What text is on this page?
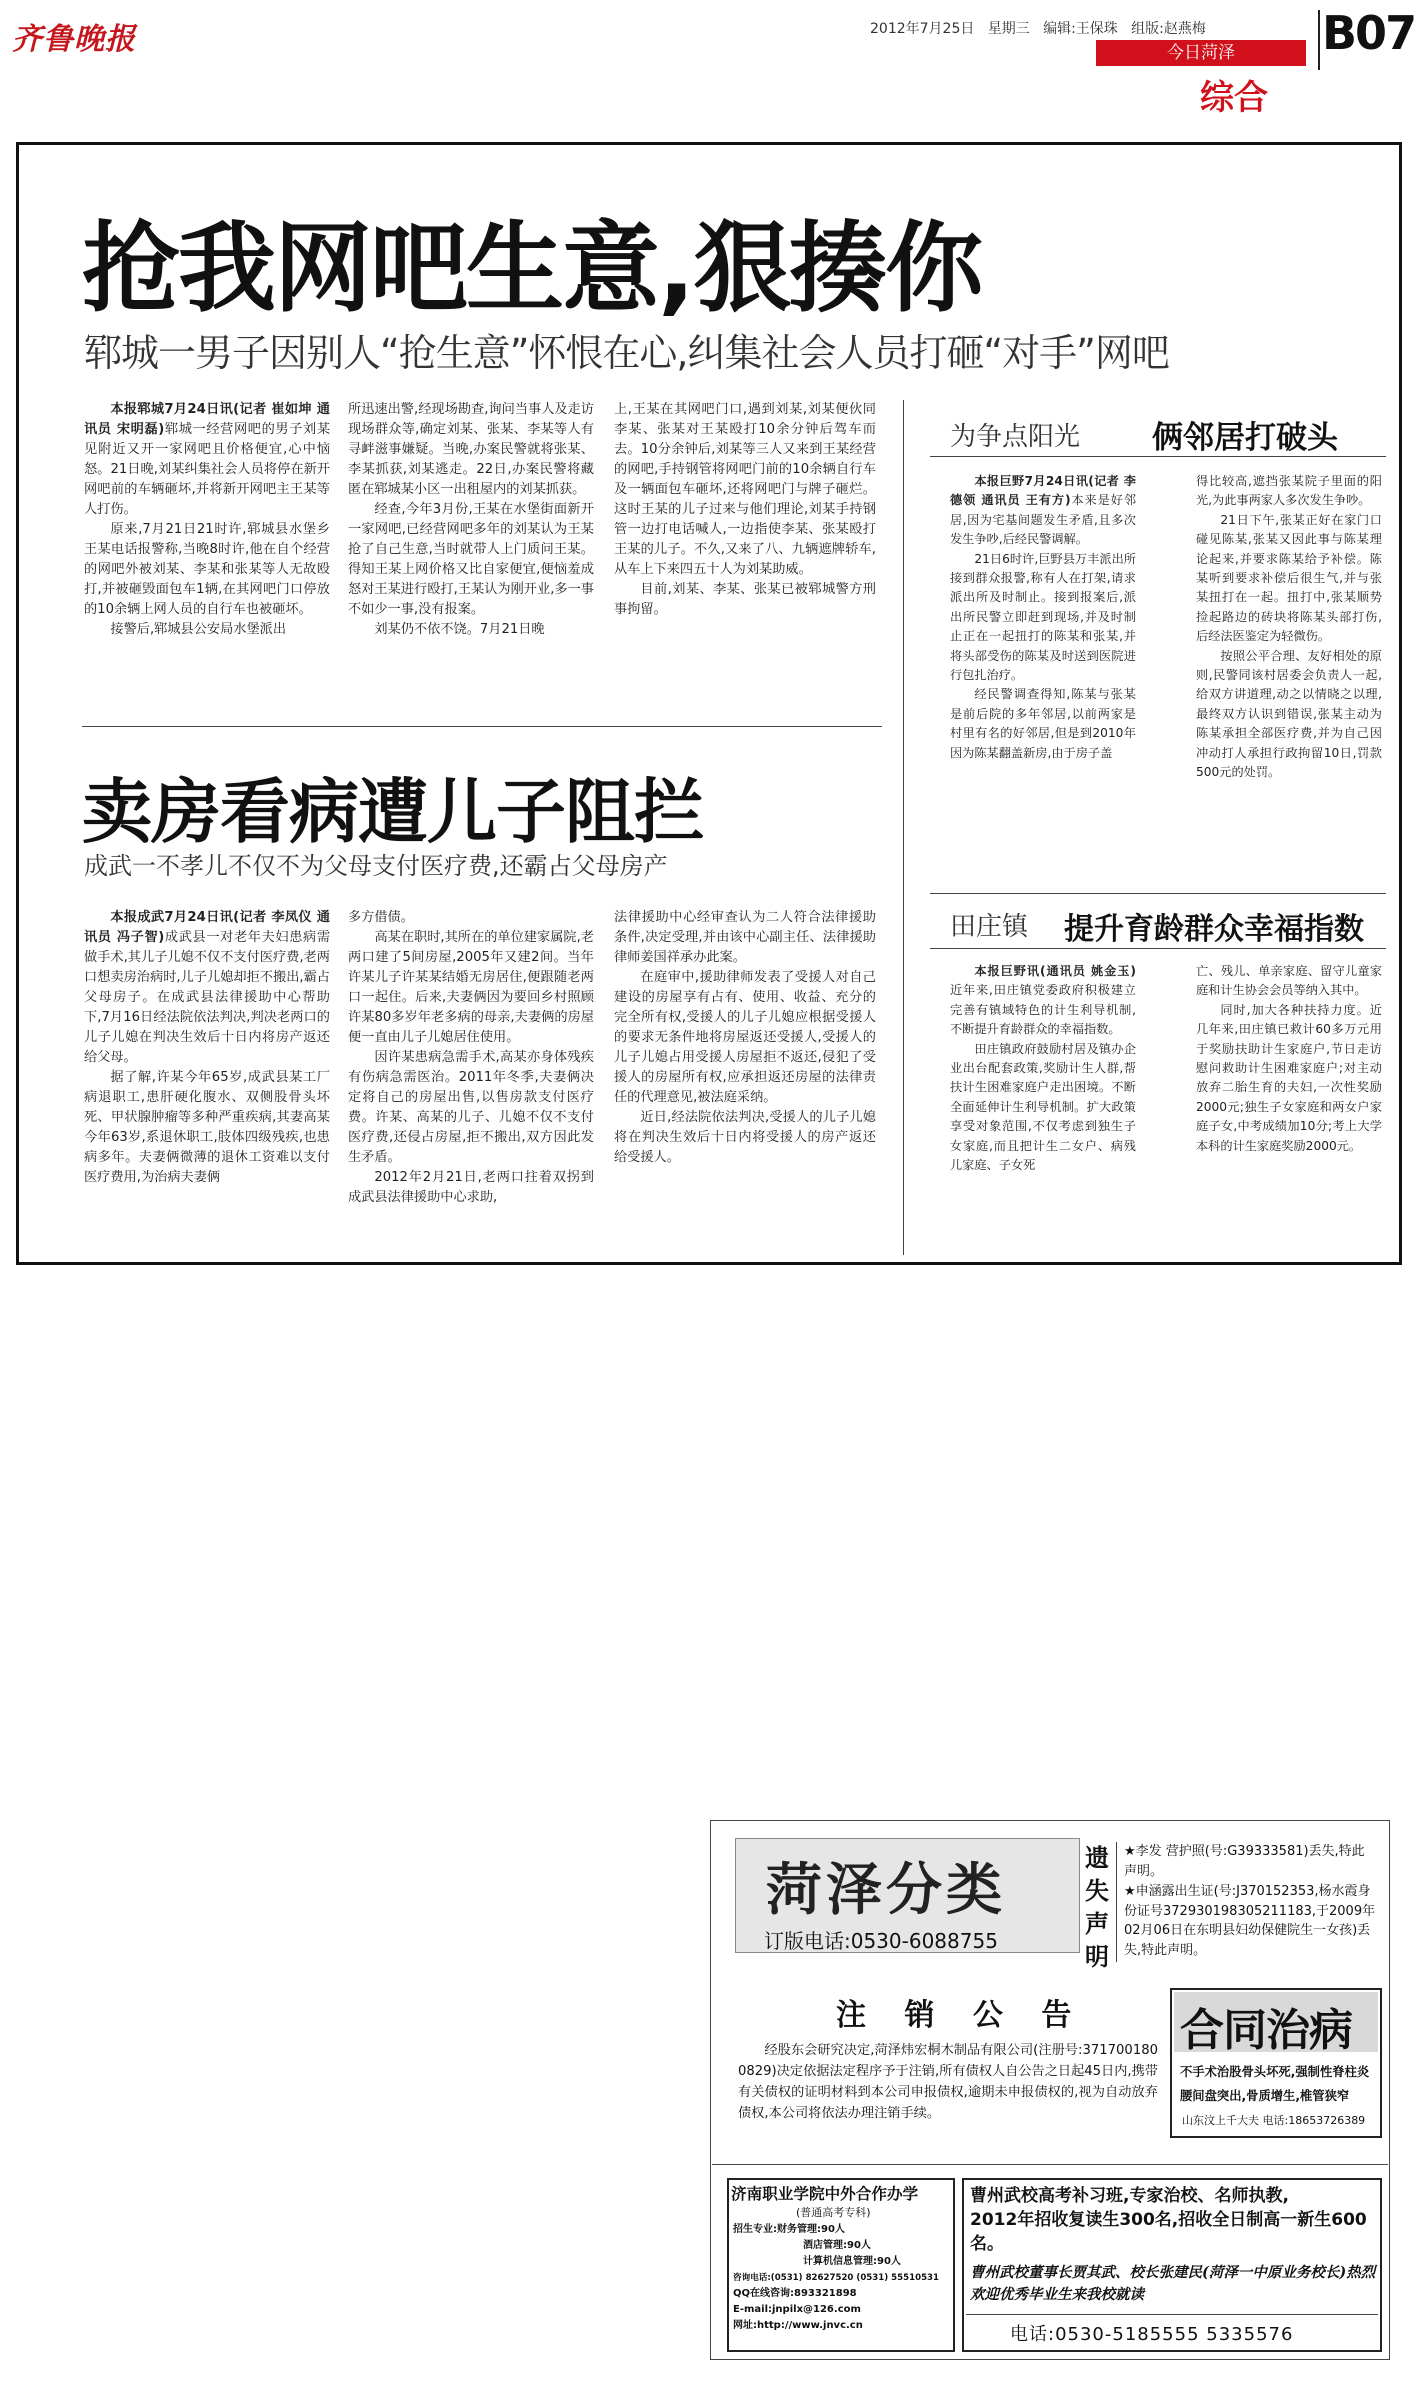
齐鲁晚报	2012年7月25日 星期三 编辑:王保珠 组版:赵燕梅	B07
今日菏泽
综合
抢我网吧生意,狠揍你
郓城一男子因别人“抢生意”怀恨在心,纠集社会人员打砸“对手”网吧

本报郓城7月24日讯(记者 崔如坤 通讯员 宋明磊)郓城一经营网吧的男子刘某见附近又开一家网吧且价格便宜,心中恼怒。21日晚,刘某纠集社会人员将停在新开网吧前的车辆砸坏,并将新开网吧主王某等人打伤。

原来,7月21日21时许,郓城县水堡乡王某电话报警称,当晚8时许,他在自个经营的网吧外被刘某、李某和张某等人无故殴打,并被砸毁面包车1辆,在其网吧门口停放的10余辆上网人员的自行车也被砸坏。

接警后,郓城县公安局水堡派出

所迅速出警,经现场勘查,询问当事人及走访现场群众等,确定刘某、张某、李某等人有寻衅滋事嫌疑。当晚,办案民警就将张某、李某抓获,刘某逃走。22日,办案民警将藏匿在郓城某小区一出租屋内的刘某抓获。

经查,今年3月份,王某在水堡街面新开一家网吧,已经营网吧多年的刘某认为王某抢了自己生意,当时就带人上门质问王某。得知王某上网价格又比自家便宜,便恼羞成怒对王某进行殴打,王某认为刚开业,多一事不如少一事,没有报案。

刘某仍不依不饶。7月21日晚

上,王某在其网吧门口,遇到刘某,刘某便伙同李某、张某对王某殴打10余分钟后驾车而去。10分余钟后,刘某等三人又来到王某经营的网吧,手持钢管将网吧门前的10余辆自行车及一辆面包车砸坏,还将网吧门与牌子砸烂。这时王某的儿子过来与他们理论,刘某手持钢管一边打电话喊人,一边指使李某、张某殴打王某的儿子。不久,又来了八、九辆遮牌轿车,从车上下来四五十人为刘某助威。

目前,刘某、李某、张某已被郓城警方刑事拘留。

卖房看病遭儿子阻拦
成武一不孝儿不仅不为父母支付医疗费,还霸占父母房产

本报成武7月24日讯(记者 李凤仪 通讯员 冯子智)成武县一对老年夫妇患病需做手术,其儿子儿媳不仅不支付医疗费,老两口想卖房治病时,儿子儿媳却拒不搬出,霸占父母房子。在成武县法律援助中心帮助下,7月16日经法院依法判决,判决老两口的儿子儿媳在判决生效后十日内将房产返还给父母。

据了解,许某今年65岁,成武县某工厂病退职工,患肝硬化腹水、双侧股骨头坏死、甲状腺肿瘤等多种严重疾病,其妻高某今年63岁,系退休职工,肢体四级残疾,也患病多年。夫妻俩微薄的退休工资难以支付医疗费用,为治病夫妻俩

多方借债。

高某在职时,其所在的单位建家属院,老两口建了5间房屋,2005年又建2间。当年许某儿子许某某结婚无房居住,便跟随老两口一起住。后来,夫妻俩因为要回乡村照顾许某80多岁年老多病的母亲,夫妻俩的房屋便一直由儿子儿媳居住使用。

因许某患病急需手术,高某亦身体残疾有伤病急需医治。2011年冬季,夫妻俩决定将自己的房屋出售,以售房款支付医疗费。许某、高某的儿子、儿媳不仅不支付医疗费,还侵占房屋,拒不搬出,双方因此发生矛盾。

2012年2月21日,老两口拄着双拐到成武县法律援助中心求助,

法律援助中心经审查认为二人符合法律援助条件,决定受理,并由该中心副主任、法律援助律师姜国祥承办此案。

在庭审中,援助律师发表了受援人对自己建设的房屋享有占有、使用、收益、充分的完全所有权,受援人的儿子儿媳应根据受援人的要求无条件地将房屋返还受援人,受援人的儿子儿媳占用受援人房屋拒不返还,侵犯了受援人的房屋所有权,应承担返还房屋的法律责任的代理意见,被法庭采纳。

近日,经法院依法判决,受援人的儿子儿媳将在判决生效后十日内将受援人的房产返还给受援人。

为争点阳光 俩邻居打破头

本报巨野7月24日讯(记者 李德领 通讯员 王有方)本来是好邻居,因为宅基间题发生矛盾,且多次发生争吵,后经民警调解。

21日6时许,巨野县万丰派出所接到群众报警,称有人在打架,请求派出所及时制止。接到报案后,派出所民警立即赶到现场,并及时制止正在一起扭打的陈某和张某,并将头部受伤的陈某及时送到医院进行包扎治疗。

经民警调查得知,陈某与张某是前后院的多年邻居,以前两家是村里有名的好邻居,但是到2010年因为陈某翻盖新房,由于房子盖

得比较高,遮挡张某院子里面的阳光,为此事两家人多次发生争吵。

21日下午,张某正好在家门口碰见陈某,张某又因此事与陈某理论起来,并要求陈某给予补偿。陈某听到要求补偿后很生气,并与张某扭打在一起。扭打中,张某顺势捡起路边的砖块将陈某头部打伤,后经法医鉴定为轻微伤。

按照公平合理、友好相处的原则,民警同该村居委会负责人一起,给双方讲道理,动之以情晓之以理,最终双方认识到错误,张某主动为陈某承担全部医疗费,并为自己因冲动打人承担行政拘留10日,罚款500元的处罚。

田庄镇 提升育龄群众幸福指数

本报巨野讯(通讯员 姚金玉)近年来,田庄镇党委政府积极建立完善有镇域特色的计生利导机制,不断提升育龄群众的幸福指数。

田庄镇政府鼓励村居及镇办企业出台配套政策,奖励计生人群,帮扶计生困难家庭户走出困境。不断全面延伸计生利导机制。扩大政策享受对象范围,不仅考虑到独生子女家庭,而且把计生二女户、病残儿家庭、子女死

亡、残儿、单亲家庭、留守儿童家庭和计生协会会员等纳入其中。

同时,加大各种扶持力度。近几年来,田庄镇已救计60多万元用于奖励扶助计生家庭户,节日走访慰问救助计生困难家庭户;对主动放弃二胎生育的夫妇,一次性奖励2000元;独生子女家庭和两女户家庭子女,中考成绩加10分;考上大学本科的计生家庭奖励2000元。

菏泽分类
订版电话:0530-6088755
遗失声明
★李发 营护照(号:G39333581)丢失,特此声明。
★申涵露出生证(号:J370152353,杨水霞身份证号372930198305211183,于2009年02月06日在东明县妇幼保健院生一女孩)丢失,特此声明。
注 销 公 告
经股东会研究决定,菏泽炜宏桐木制品有限公司(注册号:371700180 0829)决定依据法定程序予于注销,所有债权人自公告之日起45日内,携带有关债权的证明材料到本公司申报债权,逾期未申报债权的,视为自动放弃债权,本公司将依法办理注销手续。
合同治病
不手术治股骨头坏死,强制性脊柱炎
腰间盘突出,骨质增生,椎管狭窄
山东汶上千大夫 电话:18653726389
济南职业学院中外合作办学
(普通高考专科)
招生专业:财务管理:90人
酒店管理:90人
计算机信息管理:90人
咨询电话:(0531) 82627520 (0531) 55510531
QQ在线咨询:893321898
E-mail:jnpilx@126.com
网址:http://www.jnvc.cn
曹州武校高考补习班,专家治校、名师执教,
2012年招收复读生300名,招收全日制高一新生600名。
曹州武校董事长贾其武、校长张建民(菏泽一中原业务校长)热烈欢迎优秀毕业生来我校就读
电话:0530-5185555 5335576
